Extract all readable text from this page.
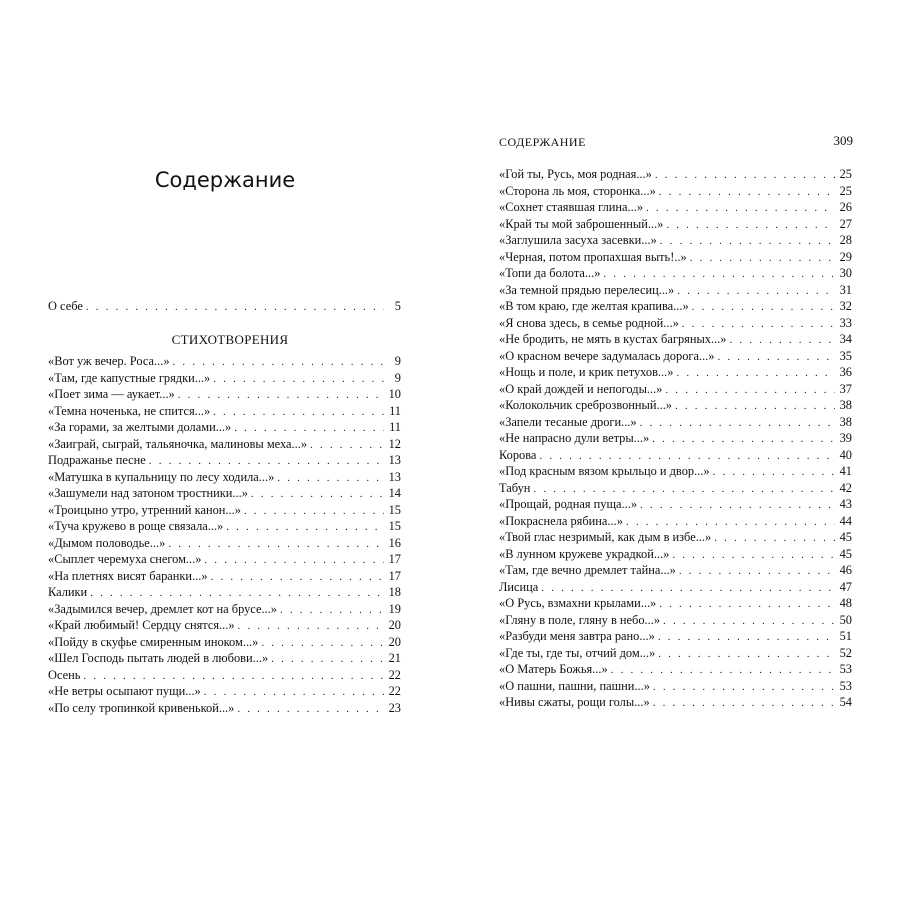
Содержание
О себе . . .	5
СТИХОТВОРЕНИЯ
«Вот уж вечер. Роса...» . . .	9
«Там, где капустные грядки...» . . .	9
«Поет зима — аукает...» . . .	10
«Темна ноченька, не спится...» . . .	11
«За горами, за желтыми долами...» . . .	11
«Заиграй, сыграй, тальяночка, малиновы меха...» . . .	12
Подражанье песне . . .	13
«Матушка в купальницу по лесу ходила...» . . .	13
«Зашумели над затоном тростники...» . . .	14
«Троицыно утро, утренний канон...» . . .	15
«Туча кружево в роще связала...» . . .	15
«Дымом половодье...» . . .	16
«Сыплет черемуха снегом...» . . .	17
«На плетнях висят баранки...» . . .	17
Калики . . .	18
«Задымился вечер, дремлет кот на брусе...» . . .	19
«Край любимый! Сердцу снятся...» . . .	20
«Пойду в скуфье смиренным иноком...» . . .	20
«Шел Господь пытать людей в любови...» . . .	21
Осень . . .	22
«Не ветры осыпают пущи...» . . .	22
«По селу тропинкой кривенькой...» . . .	23
СОДЕРЖАНИЕ	309
«Гой ты, Русь, моя родная...» . . .	25
«Сторона ль моя, сторонка...» . . .	25
«Сохнет стаявшая глина...» . . .	26
«Край ты мой заброшенный...» . . .	27
«Заглушила засуха засевки...» . . .	28
«Черная, потом пропахшая выть!..» . . .	29
«Топи да болота...» . . .	30
«За темной прядью перелесиц...» . . .	31
«В том краю, где желтая крапива...» . . .	32
«Я снова здесь, в семье родной...» . . .	33
«Не бродить, не мять в кустах багряных...» . . .	34
«О красном вечере задумалась дорога...» . . .	35
«Нощь и поле, и крик петухов...» . . .	36
«О край дождей и непогоды...» . . .	37
«Колокольчик среброзвонный...» . . .	38
«Запели тесаные дроги...» . . .	38
«Не напрасно дули ветры...» . . .	39
Корова . . .	40
«Под красным вязом крыльцо и двор...» . . .	41
Табун . . .	42
«Прощай, родная пуща...» . . .	43
«Покраснела рябина...» . . .	44
«Твой глас незримый, как дым в избе...» . . .	45
«В лунном кружеве украдкой...» . . .	45
«Там, где вечно дремлет тайна...» . . .	46
Лисица . . .	47
«О Русь, взмахни крылами...» . . .	48
«Гляну в поле, гляну в небо...» . . .	50
«Разбуди меня завтра рано...» . . .	51
«Где ты, где ты, отчий дом...» . . .	52
«О Матерь Божья...» . . .	53
«О пашни, пашни, пашни...» . . .	53
«Нивы сжаты, рощи голы...» . . .	54
